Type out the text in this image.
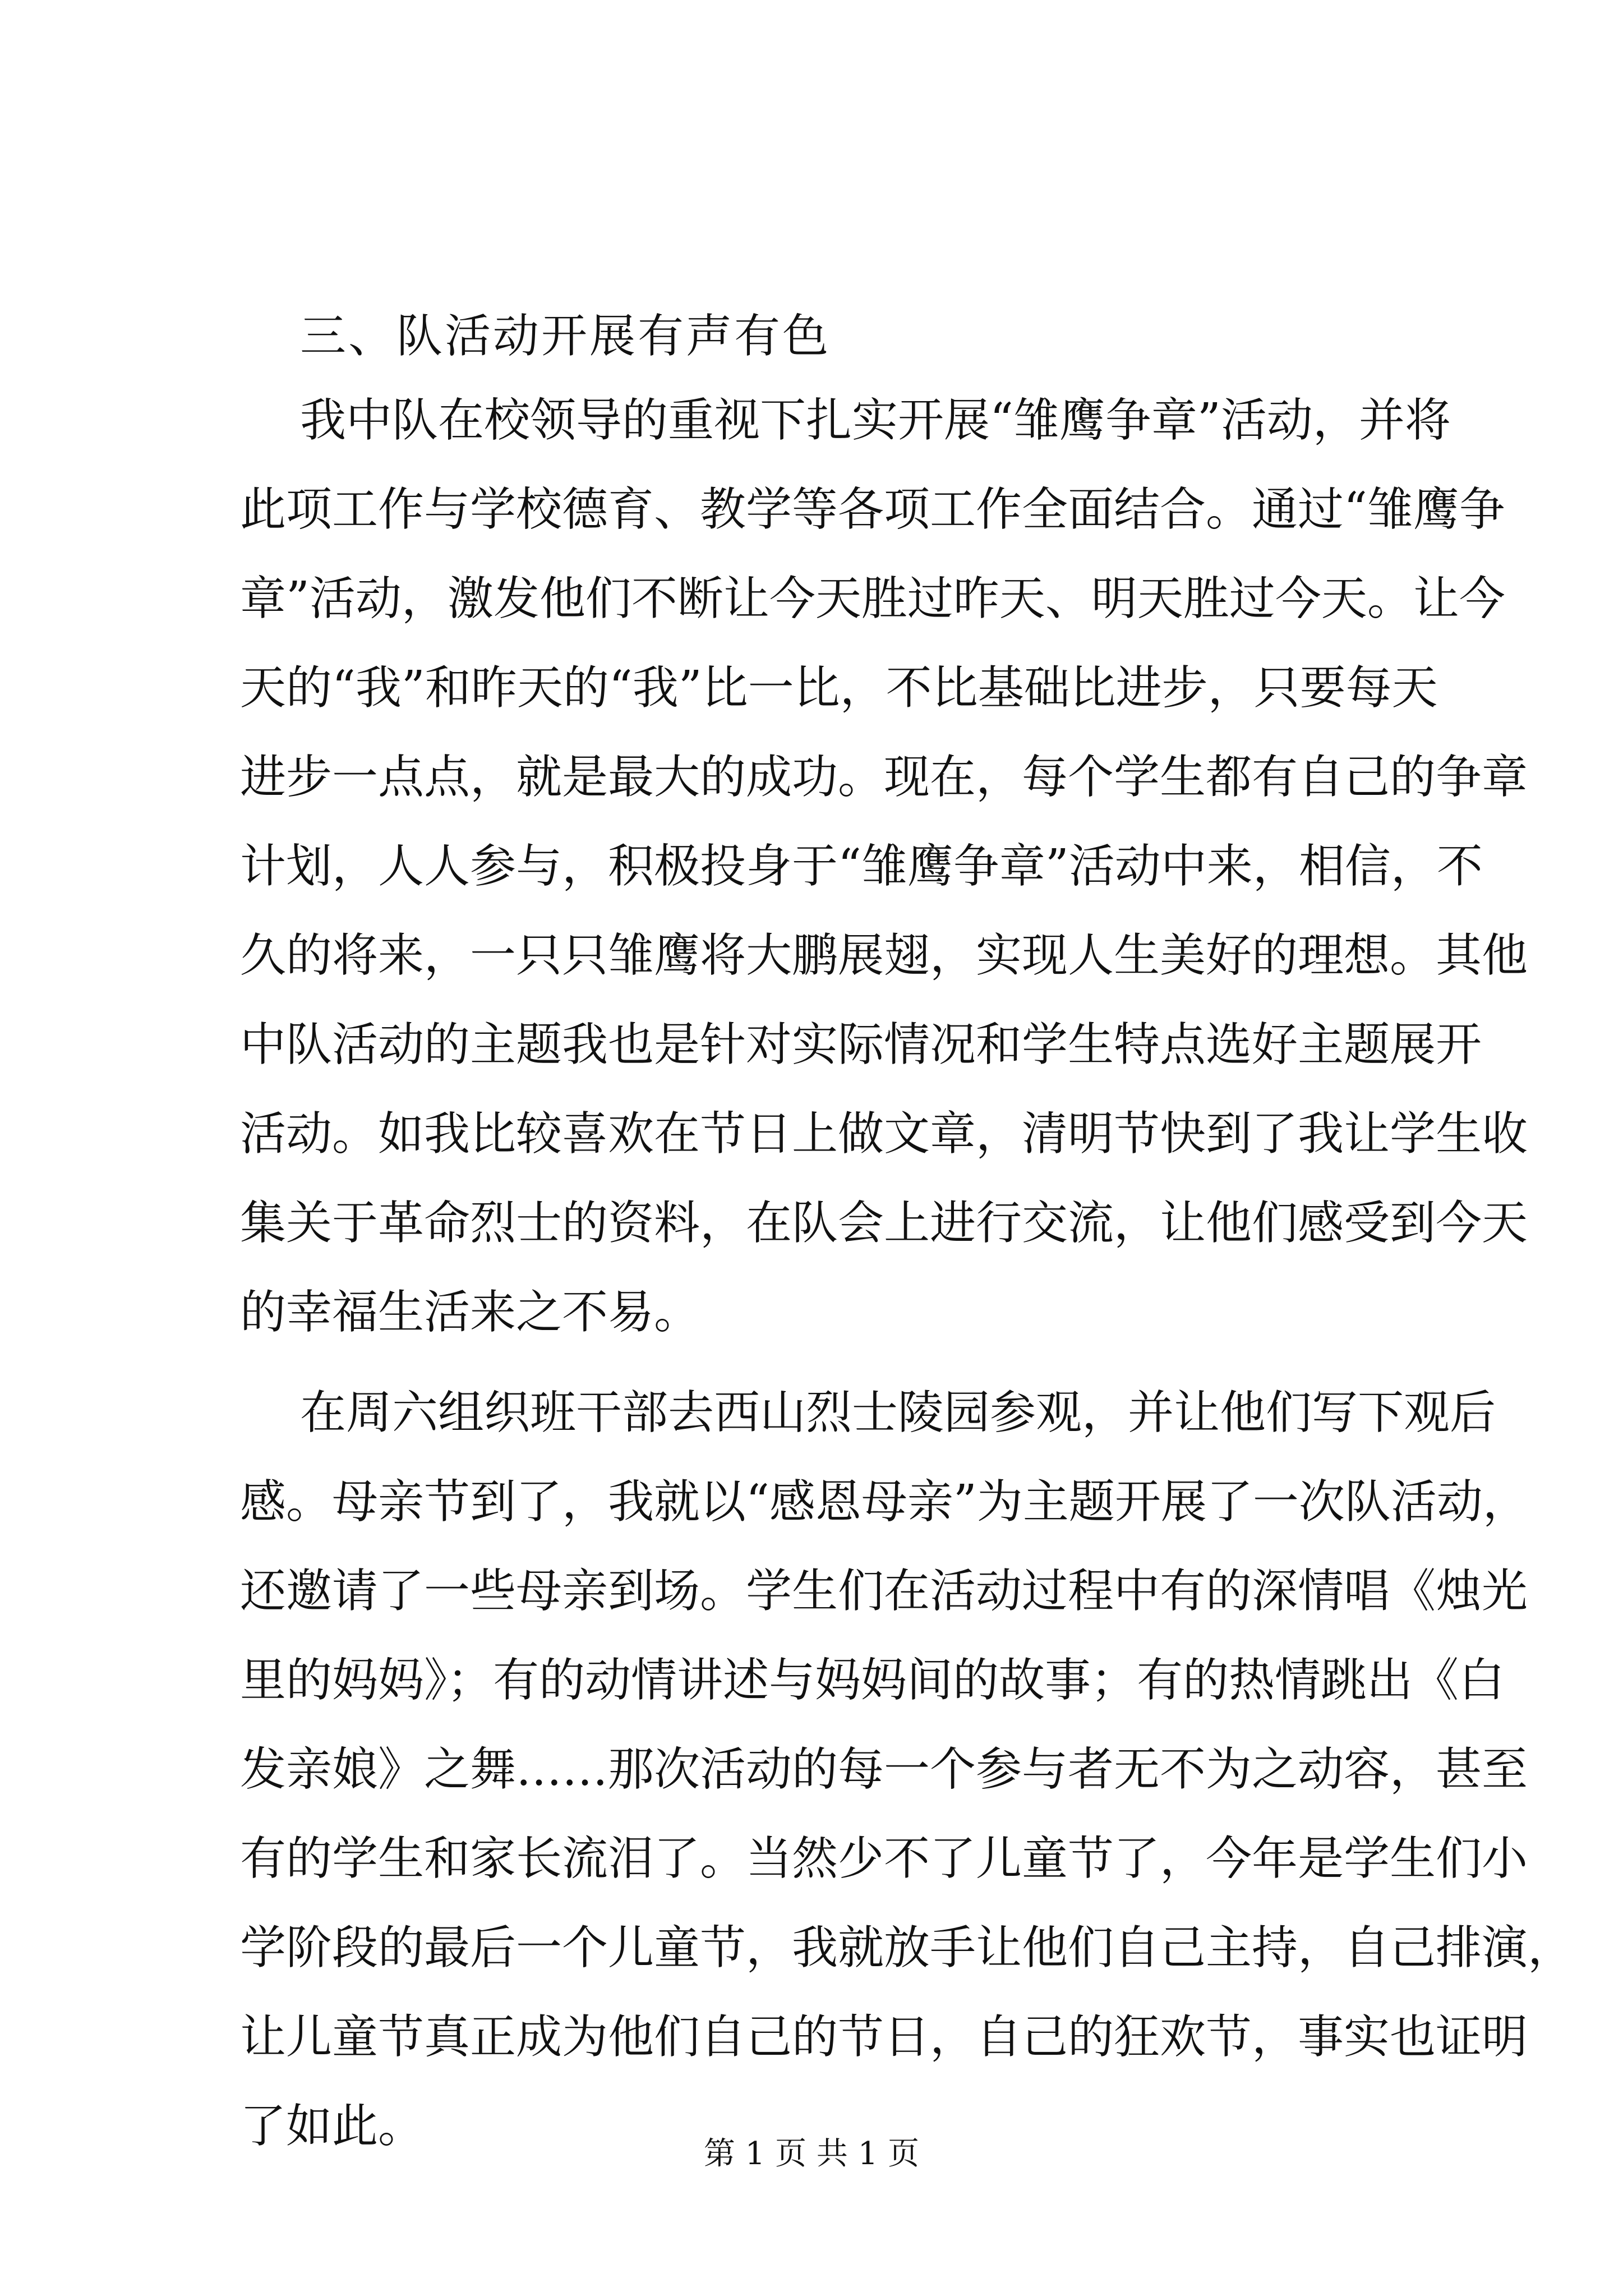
三、队活动开展有声有色
我中队在校领导的重视下扎实开展“雏鹰争章”活动，并将
此项工作与学校德育、教学等各项工作全面结合。通过“雏鹰争
章”活动，激发他们不断让今天胜过昨天、明天胜过今天。让今
天的“我”和昨天的“我”比一比，不比基础比进步，只要每天
进步一点点，就是最大的成功。现在，每个学生都有自己的争章
计划，人人参与，积极投身于“雏鹰争章”活动中来，相信，不
久的将来，一只只雏鹰将大鹏展翅，实现人生美好的理想。其他
中队活动的主题我也是针对实际情况和学生特点选好主题展开
活动。如我比较喜欢在节日上做文章，清明节快到了我让学生收
集关于革命烈士的资料，在队会上进行交流，让他们感受到今天
的幸福生活来之不易。
在周六组织班干部去西山烈士陵园参观，并让他们写下观后
感。母亲节到了，我就以“感恩母亲”为主题开展了一次队活动，
还邀请了一些母亲到场。学生们在活动过程中有的深情唱《烛光
里的妈妈》；有的动情讲述与妈妈间的故事；有的热情跳出《白
发亲娘》之舞……那次活动的每一个参与者无不为之动容，甚至
有的学生和家长流泪了。当然少不了儿童节了，今年是学生们小
学阶段的最后一个儿童节，我就放手让他们自己主持，自己排演，
让儿童节真正成为他们自己的节日，自己的狂欢节，事实也证明
了如此。
第 1 页 共 1 页
